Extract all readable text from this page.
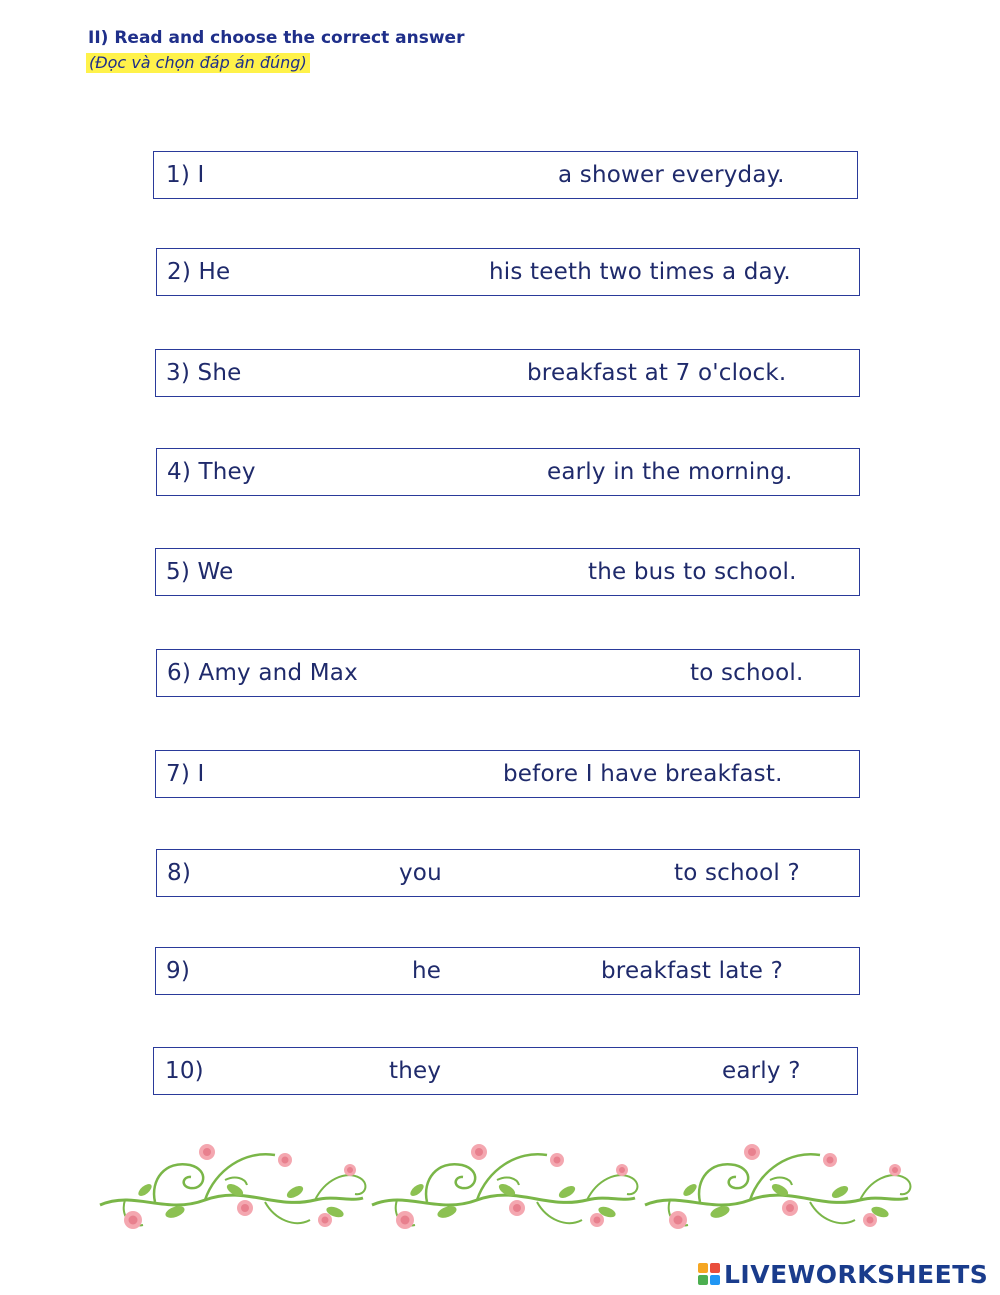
II) Read and choose the correct answer
(Đọc và chọn đáp án đúng)
1) I	a shower everyday.
2) He	his teeth two times a day.
3) She	breakfast at 7 o'clock.
4) They	early in the morning.
5) We	the bus to school.
6) Amy and Max	to school.
7) I	before I have breakfast.
8)	you	to school ?
9)	he	breakfast late ?
10)	they	early ?
LIVEWORKSHEETS
